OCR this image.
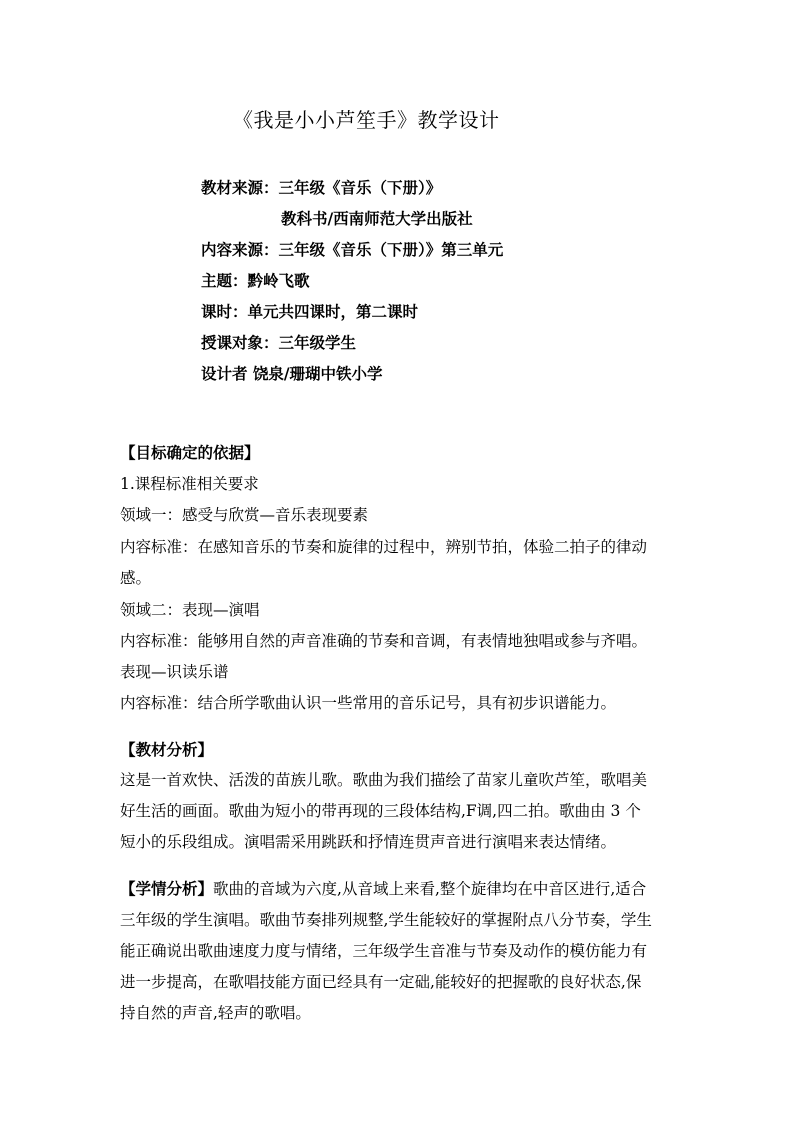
《我是小小芦笙手》教学设计
教材来源：三年级《音乐（下册）》
教科书/西南师范大学出版社
内容来源：三年级《音乐（下册）》第三单元
主题：黔岭飞歌
课时：单元共四课时，第二课时
授课对象：三年级学生
设计者 饶泉/珊瑚中铁小学
【目标确定的依据】
1.课程标准相关要求
领域一：感受与欣赏—音乐表现要素
内容标准：在感知音乐的节奏和旋律的过程中，辨别节拍，体验二拍子的律动
感。
领域二：表现—演唱
内容标准：能够用自然的声音准确的节奏和音调，有表情地独唱或参与齐唱。
表现—识读乐谱
内容标准：结合所学歌曲认识一些常用的音乐记号，具有初步识谱能力。
【教材分析】
这是一首欢快、活泼的苗族儿歌。歌曲为我们描绘了苗家儿童吹芦笙，歌唱美
好生活的画面。歌曲为短小的带再现的三段体结构,F调,四二拍。歌曲由 3 个
短小的乐段组成。演唱需采用跳跃和抒情连贯声音进行演唱来表达情绪。
【学情分析】歌曲的音域为六度,从音域上来看,整个旋律均在中音区进行,适合
三年级的学生演唱。歌曲节奏排列规整,学生能较好的掌握附点八分节奏，学生
能正确说出歌曲速度力度与情绪，三年级学生音准与节奏及动作的模仿能力有
进一步提高，在歌唱技能方面已经具有一定础,能较好的把握歌的良好状态,保
持自然的声音,轻声的歌唱。
